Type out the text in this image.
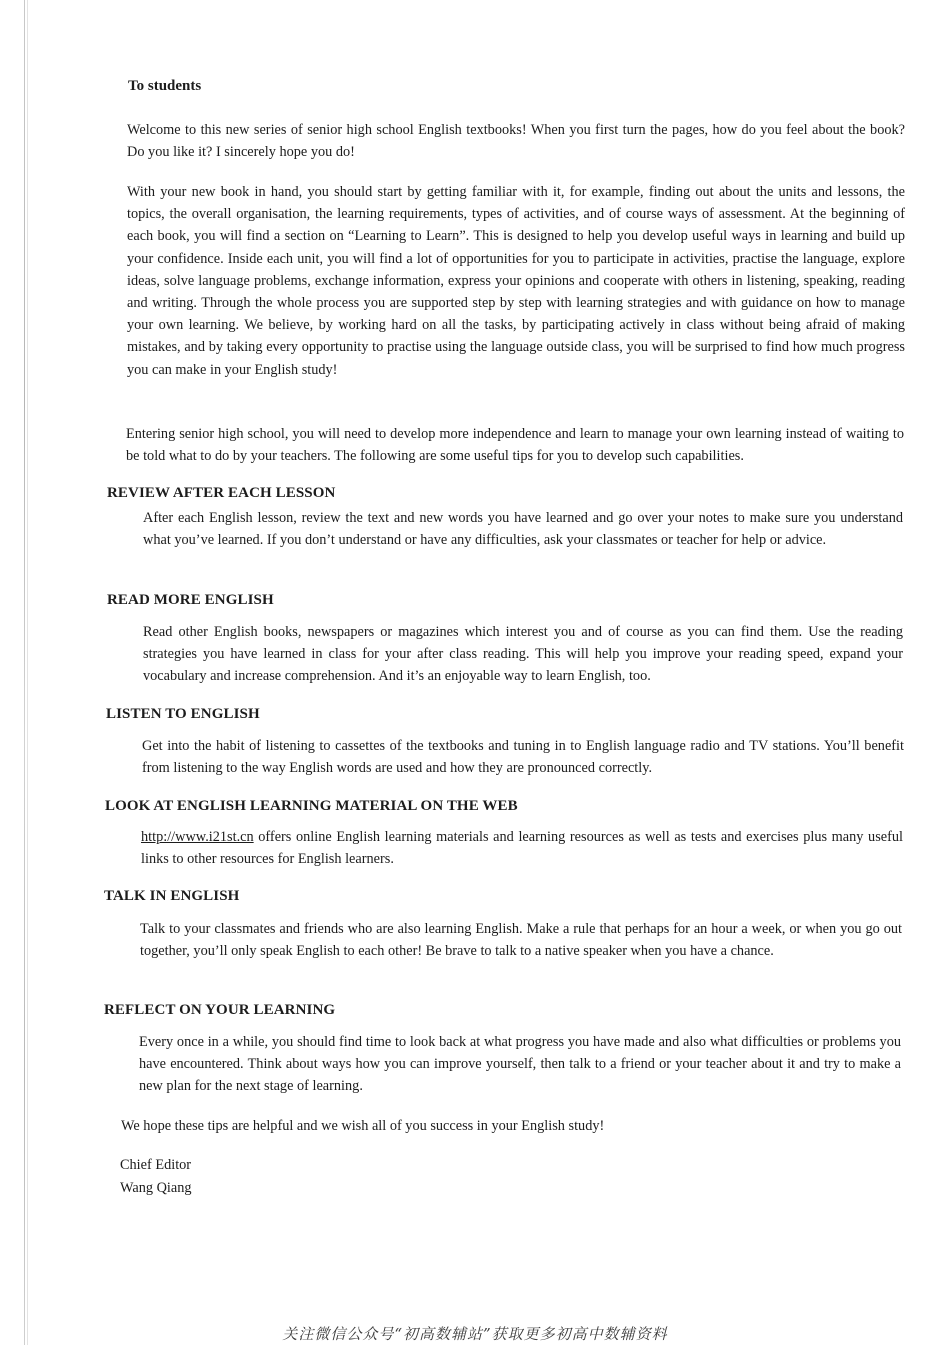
To students

Welcome to this new series of senior high school English textbooks! When you first turn the pages, how do you feel about the book? Do you like it? I sincerely hope you do!

With your new book in hand, you should start by getting familiar with it, for example, finding out about the units and lessons, the topics, the overall organisation, the learning requirements, types of activities, and of course ways of assessment. At the beginning of each book, you will find a section on “Learning to Learn”. This is designed to help you develop useful ways in learning and build up your confidence. Inside each unit, you will find a lot of opportunities for you to participate in activities, practise the language, explore ideas, solve language problems, exchange information, express your opinions and cooperate with others in listening, speaking, reading and writing. Through the whole process you are supported step by step with learning strategies and with guidance on how to manage your own learning. We believe, by working hard on all the tasks, by participating actively in class without being afraid of making mistakes, and by taking every opportunity to practise using the language outside class, you will be surprised to find how much progress you can make in your English study!

Entering senior high school, you will need to develop more independence and learn to manage your own learning instead of waiting to be told what to do by your teachers. The following are some useful tips for you to develop such capabilities.

REVIEW AFTER EACH LESSON

After each English lesson, review the text and new words you have learned and go over your notes to make sure you understand what you’ve learned. If you don’t understand or have any difficulties, ask your classmates or teacher for help or advice.

READ MORE ENGLISH

Read other English books, newspapers or magazines which interest you and of course as you can find them. Use the reading strategies you have learned in class for your after class reading. This will help you improve your reading speed, expand your vocabulary and increase comprehension. And it’s an enjoyable way to learn English, too.

LISTEN TO ENGLISH

Get into the habit of listening to cassettes of the textbooks and tuning in to English language radio and TV stations. You’ll benefit from listening to the way English words are used and how they are pronounced correctly.

LOOK AT ENGLISH LEARNING MATERIAL ON THE WEB

http://www.i21st.cn offers online English learning materials and learning resources as well as tests and exercises plus many useful links to other resources for English learners.

TALK IN ENGLISH

Talk to your classmates and friends who are also learning English. Make a rule that perhaps for an hour a week, or when you go out together, you’ll only speak English to each other! Be brave to talk to a native speaker when you have a chance.

REFLECT ON YOUR LEARNING

Every once in a while, you should find time to look back at what progress you have made and also what difficulties or problems you have encountered. Think about ways how you can improve yourself, then talk to a friend or your teacher about it and try to make a new plan for the next stage of learning.

We hope these tips are helpful and we wish all of you success in your English study!
Chief Editor
Wang Qiang
关注微信公众号“初高数辅站”获取更多初高中数辅资料
